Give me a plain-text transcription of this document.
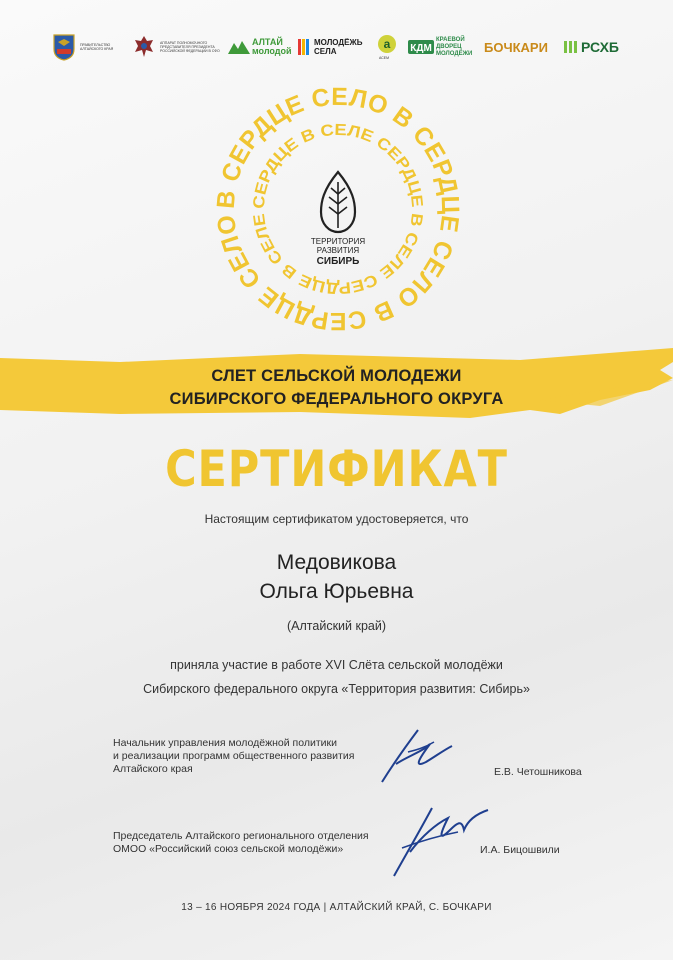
ПРАВИТЕЛЬСТВО АЛТАЙСКОГО КРАЯ
АППАРАТ ПОЛНОМОЧНОГО ПРЕДСТАВИТЕЛЯ ПРЕЗИДЕНТА РОССИЙСКОЙ ФЕДЕРАЦИИ В СФО
АЛТАЙ молодой
МОЛОДЁЖЬ СЕЛА
a
АСЕМ
КДМ
КРАЕВОЙ ДВОРЕЦ МОЛОДЁЖИ БОЧКАРИ РСХБ
В СЕРДЦЕ СЕЛО В СЕРДЦЕ СЕЛО В СЕРДЦЕ СЕЛО
СЕРДЦЕ В СЕЛЕ СЕРДЦЕ В СЕЛЕ СЕРДЦЕ В СЕЛЕ
ТЕРРИТОРИЯ
РАЗВИТИЯ
СИБИРЬ
СЛЕТ СЕЛЬСКОЙ МОЛОДЕЖИ
СИБИРСКОГО ФЕДЕРАЛЬНОГО ОКРУГА
СЕРТИФИКАТ
Настоящим сертификатом удостоверяется, что
Медовикова
Ольга Юрьевна
(Алтайский край)
приняла участие в работе XVI Слёта сельской молодёжи
Сибирского федерального округа «Территория развития: Сибирь»
Начальник управления молодёжной политики
и реализации программ общественного развития
Алтайского края	Е.В. Четошникова
Председатель Алтайского регионального отделения
ОМОО «Российский союз сельской молодёжи»	И.А. Бицошвили
13 – 16 НОЯБРЯ 2024 ГОДА | АЛТАЙСКИЙ КРАЙ, С. БОЧКАРИ
